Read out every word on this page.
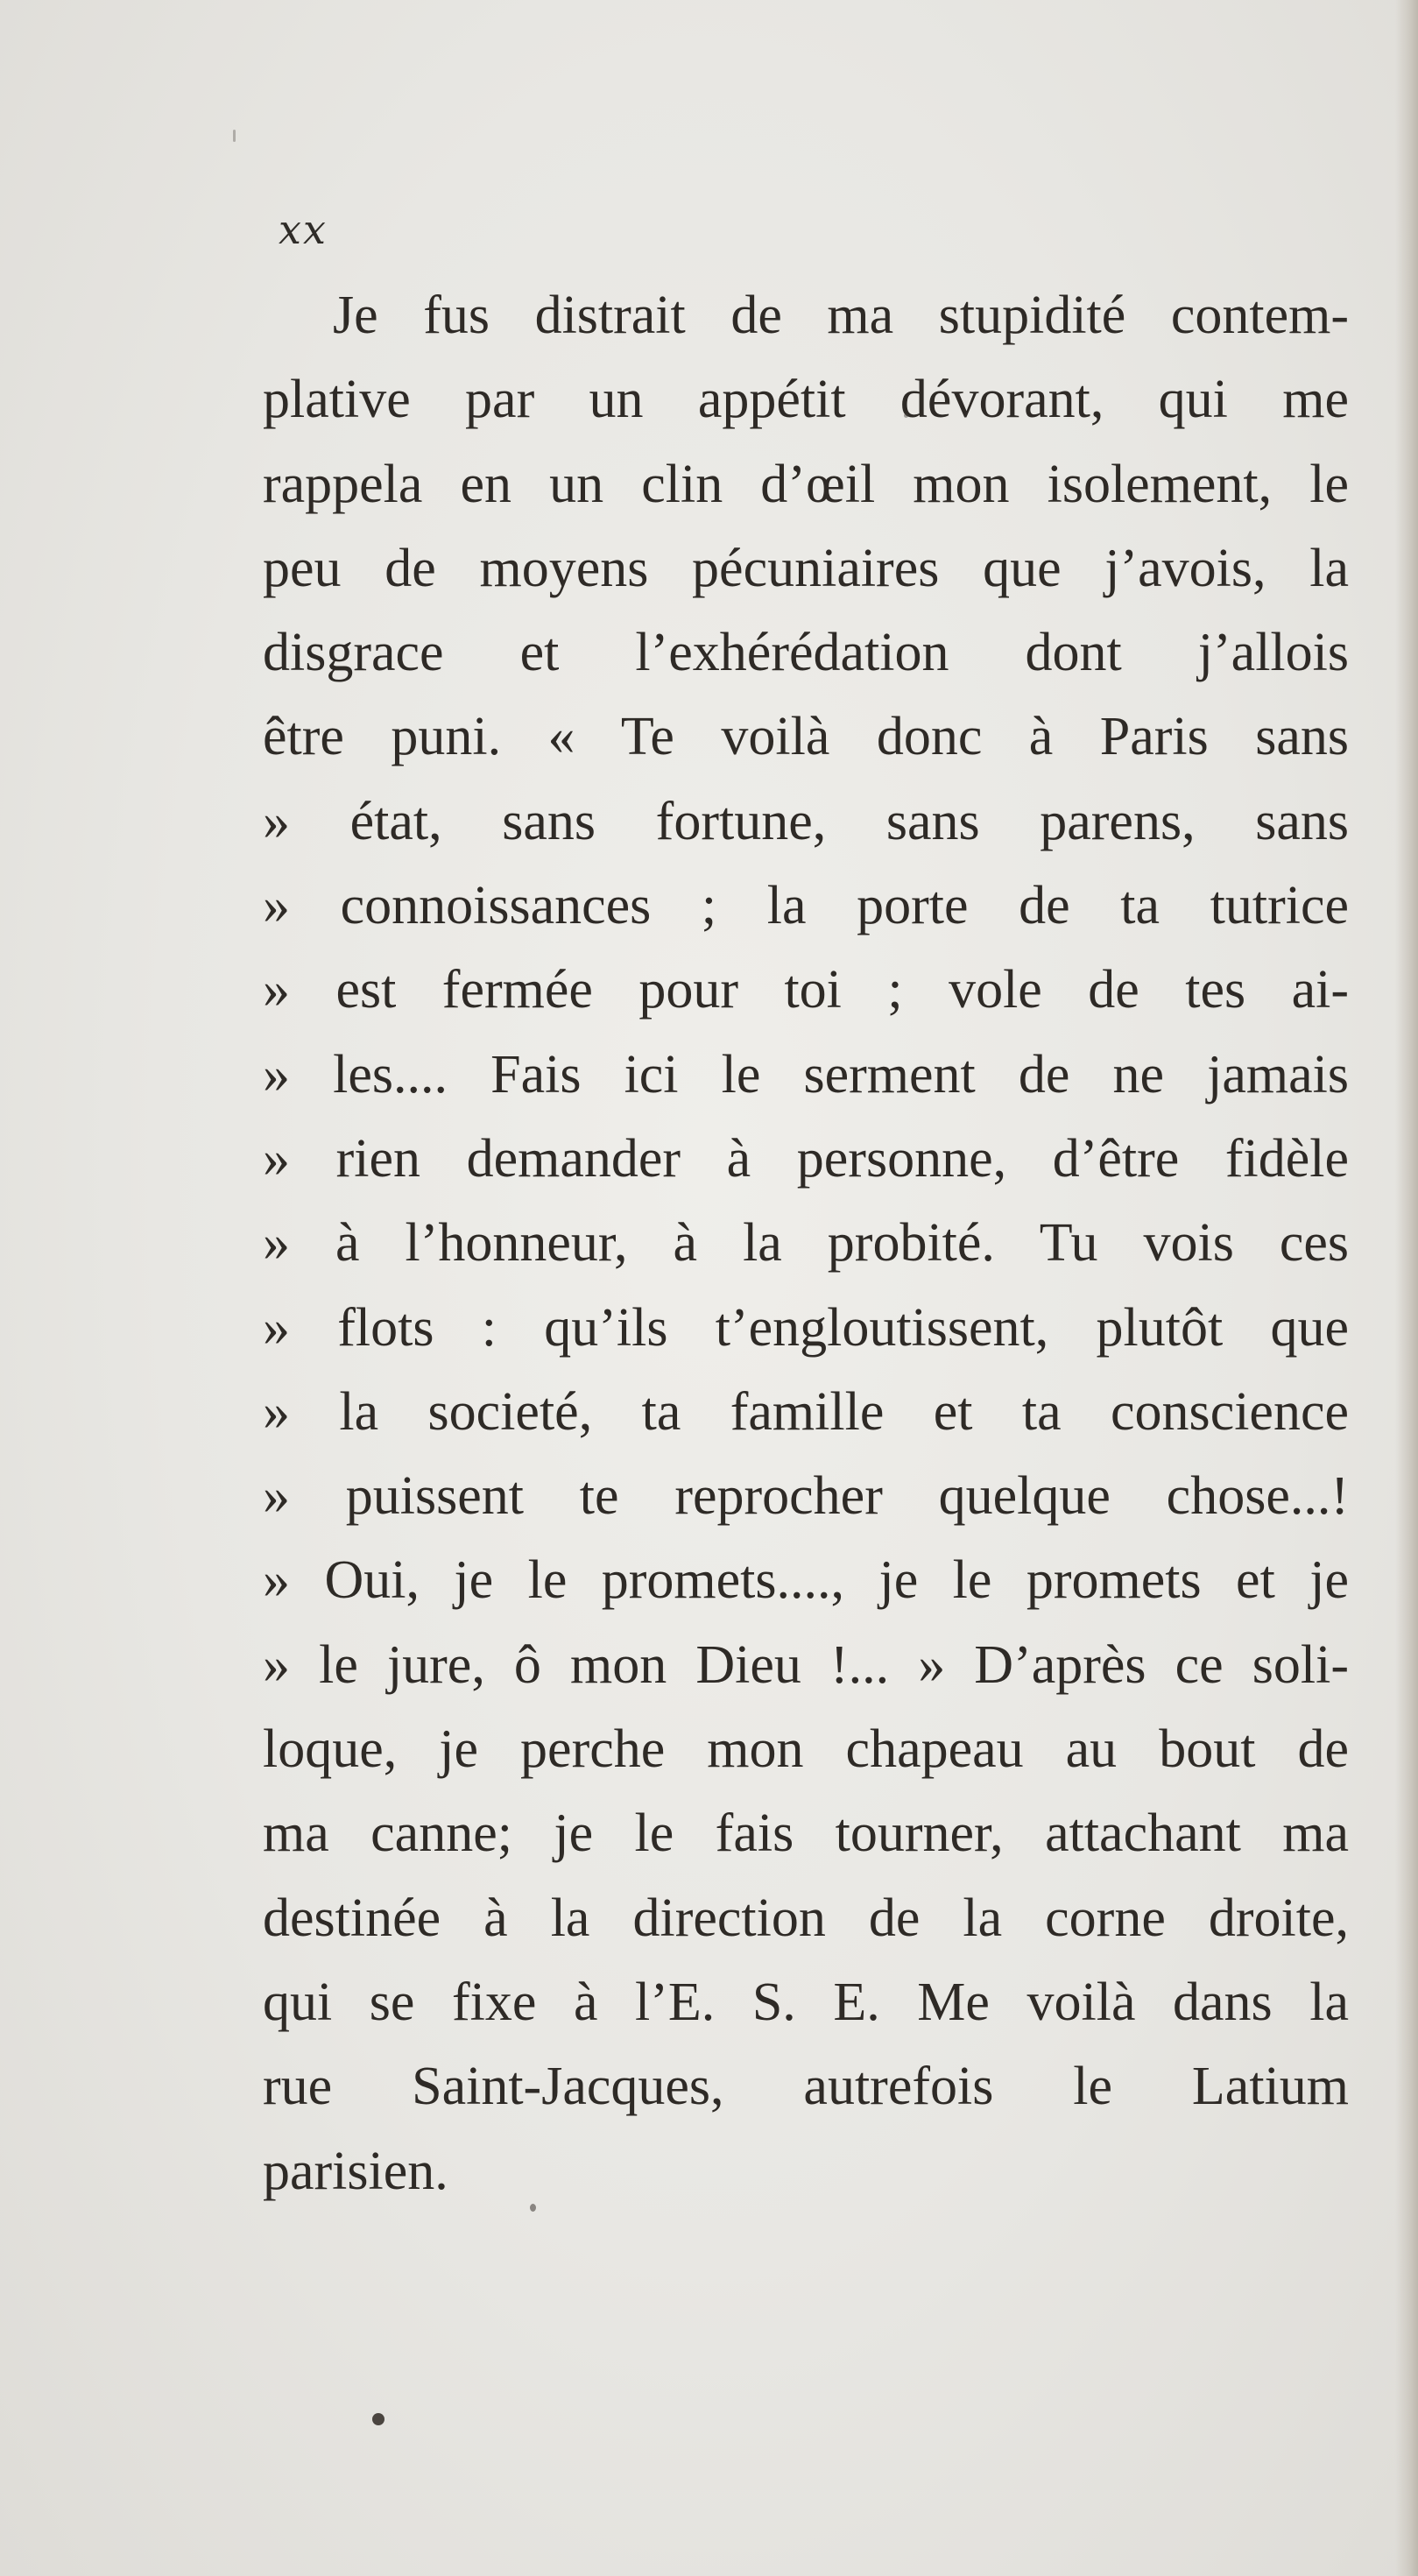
xx
Je fus distrait de ma stupidité contem-
plative par un appétit dévorant, qui me
rappela en un clin d’œil mon isolement, le
peu de moyens pécuniaires que j’avois, la
disgrace et l’exhérédation dont j’allois
être puni. « Te voilà donc à Paris sans
» état, sans fortune, sans parens, sans
» connoissances ; la porte de ta tutrice
» est fermée pour toi ; vole de tes ai-
» les.... Fais ici le serment de ne jamais
» rien demander à personne, d’être fidèle
» à l’honneur, à la probité. Tu vois ces
» flots : qu’ils t’engloutissent, plutôt que
» la societé, ta famille et ta conscience
» puissent te reprocher quelque chose...!
» Oui, je le promets...., je le promets et je
» le jure, ô mon Dieu !... » D’après ce soli-
loque, je perche mon chapeau au bout de
ma canne; je le fais tourner, attachant ma
destinée à la direction de la corne droite,
qui se fixe à l’E. S. E. Me voilà dans la
rue Saint-Jacques, autrefois le Latium
parisien.
